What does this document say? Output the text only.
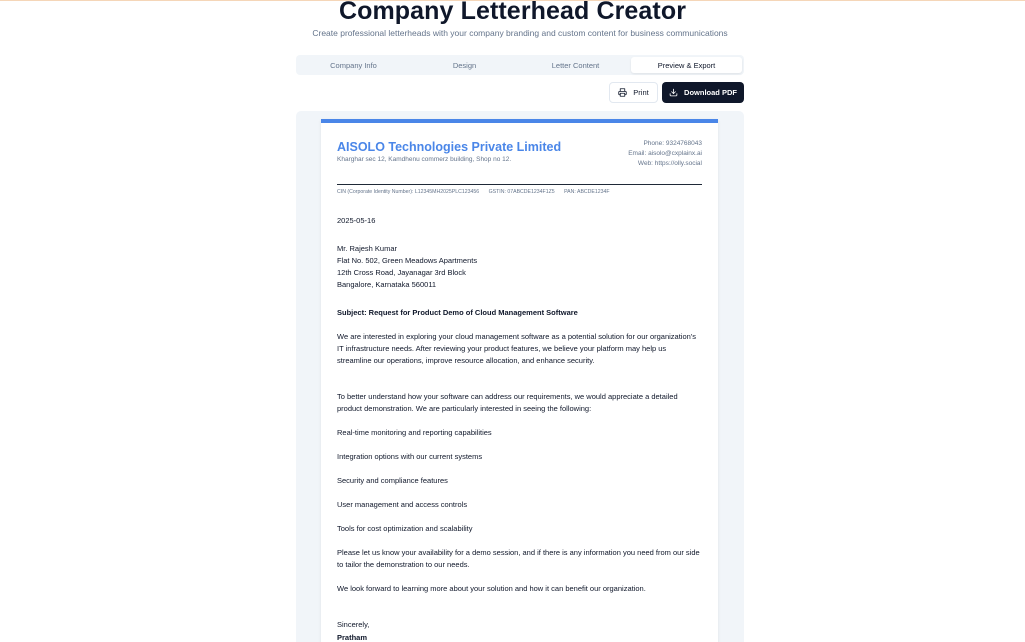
Company Letterhead Creator

Create professional letterheads with your company branding and custom content for business communications

Company Info	Design	Letter Content	Preview & Export
Print	Download PDF
AISOLO Technologies Private Limited
Kharghar sec 12, Kamdhenu commerz building, Shop no 12.
Phone: 9324768043
Email: aisolo@cxplainx.ai
Web: https://olly.social
CIN (Corporate Identity Number): L12345MH2025PLC123456 GSTIN: 07ABCDE1234F1Z5 PAN: ABCDE1234F
2025-05-16
Mr. Rajesh Kumar
Flat No. 502, Green Meadows Apartments
12th Cross Road, Jayanagar 3rd Block
Bangalore, Karnataka 560011
Subject: Request for Product Demo of Cloud Management Software
We are interested in exploring your cloud management software as a potential solution for our organization's IT infrastructure needs. After reviewing your product features, we believe your platform may help us streamline our operations, improve resource allocation, and enhance security.
To better understand how your software can address our requirements, we would appreciate a detailed product demonstration. We are particularly interested in seeing the following:
Real-time monitoring and reporting capabilities
Integration options with our current systems
Security and compliance features
User management and access controls
Tools for cost optimization and scalability
Please let us know your availability for a demo session, and if there is any information you need from our side to tailor the demonstration to our needs.
We look forward to learning more about your solution and how it can benefit our organization.
Sincerely,
Pratham
